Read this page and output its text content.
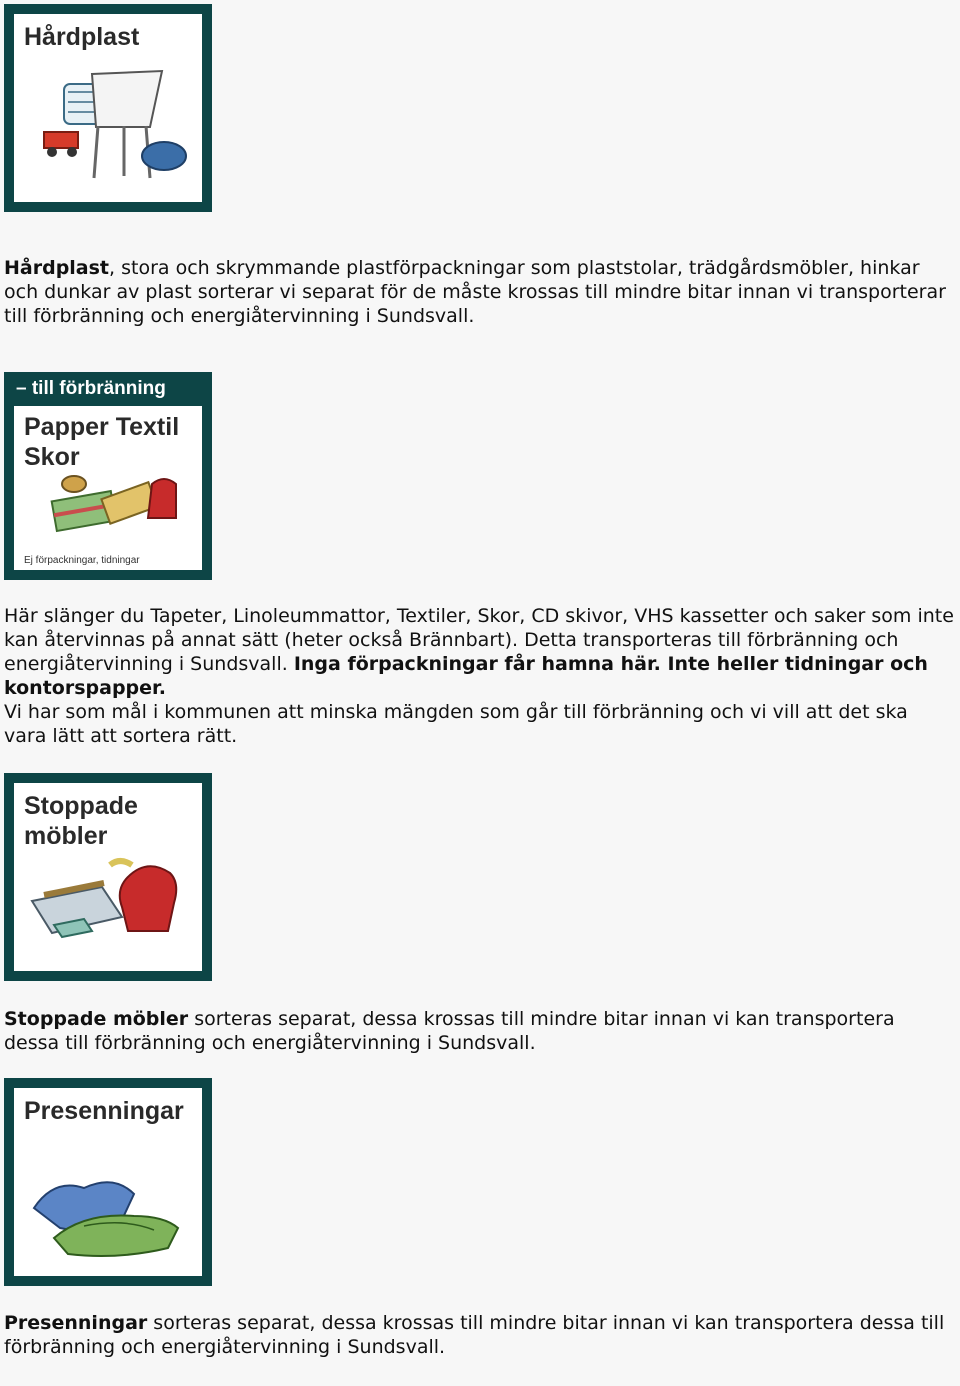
Hårdplast

Hårdplast, stora och skrymmande plastförpackningar som plaststolar, trädgårdsmöbler, hinkar och dunkar av plast sorterar vi separat för de måste krossas till mindre bitar innan vi transporterar till förbränning och energiåtervinning i Sundsvall.

– till förbränning
Papper Textil
Skor
Ej förpackningar, tidningar

Här slänger du Tapeter, Linoleummattor, Textiler, Skor, CD skivor, VHS kassetter och saker som inte kan återvinnas på annat sätt (heter också Brännbart). Detta transporteras till förbränning och energiåtervinning i Sundsvall. Inga förpackningar får hamna här. Inte heller tidningar och kontorspapper.
Vi har som mål i kommunen att minska mängden som går till förbränning och vi vill att det ska vara lätt att sortera rätt.

Stoppade
möbler

Stoppade möbler sorteras separat, dessa krossas till mindre bitar innan vi kan transportera dessa till förbränning och energiåtervinning i Sundsvall.

Presenningar

Presenningar sorteras separat, dessa krossas till mindre bitar innan vi kan transportera dessa till förbränning och energiåtervinning i Sundsvall.
